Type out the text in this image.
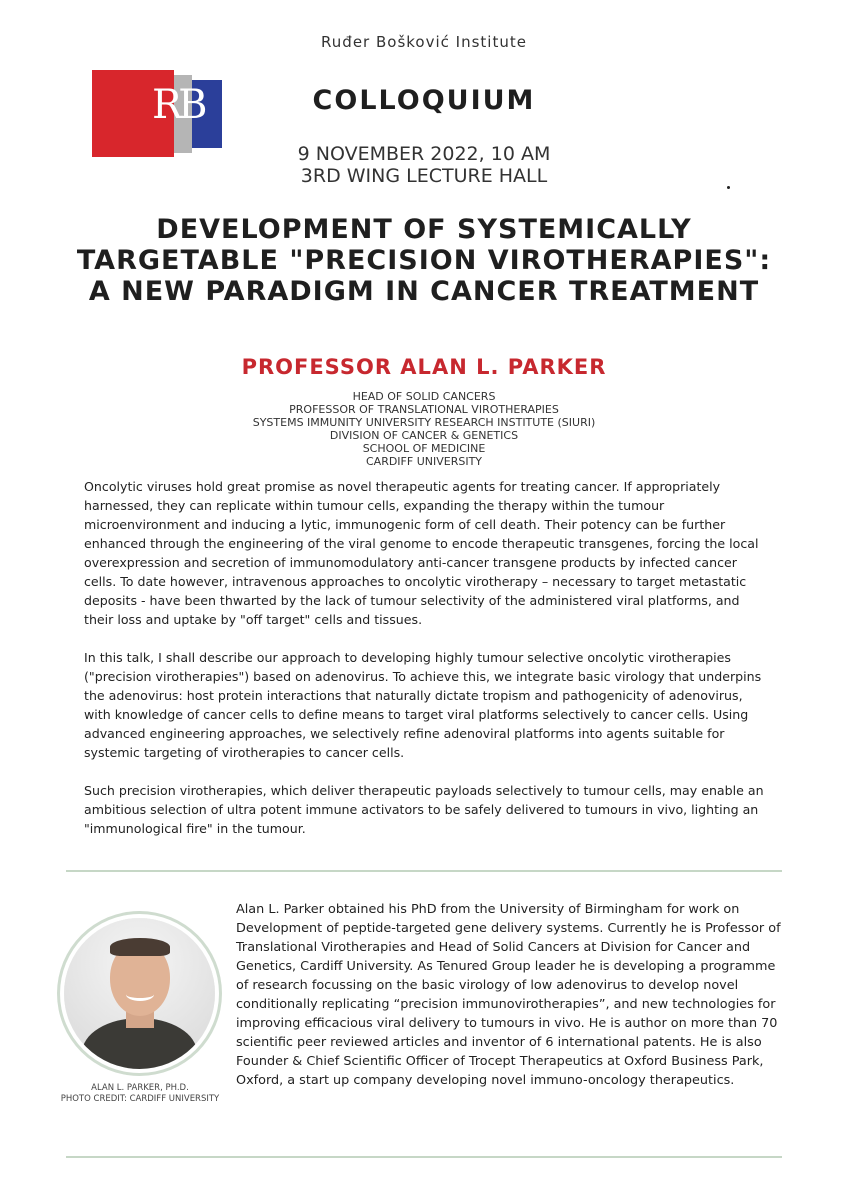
Ruđer Bošković Institute
RB	COLLOQUIUM
9 NOVEMBER 2022, 10 AM
3RD WING LECTURE HALL
DEVELOPMENT OF SYSTEMICALLY
TARGETABLE "PRECISION VIROTHERAPIES":
A NEW PARADIGM IN CANCER TREATMENT
PROFESSOR ALAN L. PARKER
HEAD OF SOLID CANCERS
PROFESSOR OF TRANSLATIONAL VIROTHERAPIES
SYSTEMS IMMUNITY UNIVERSITY RESEARCH INSTITUTE (SIURI)
DIVISION OF CANCER & GENETICS
SCHOOL OF MEDICINE
CARDIFF UNIVERSITY

Oncolytic viruses hold great promise as novel therapeutic agents for treating cancer. If appropriately harnessed, they can replicate within tumour cells, expanding the therapy within the tumour microenvironment and inducing a lytic, immunogenic form of cell death. Their potency can be further enhanced through the engineering of the viral genome to encode therapeutic transgenes, forcing the local overexpression and secretion of immunomodulatory anti-cancer transgene products by infected cancer cells. To date however, intravenous approaches to oncolytic virotherapy – necessary to target metastatic deposits - have been thwarted by the lack of tumour selectivity of the administered viral platforms, and their loss and uptake by "off target" cells and tissues.

In this talk, I shall describe our approach to developing highly tumour selective oncolytic virotherapies ("precision virotherapies") based on adenovirus. To achieve this, we integrate basic virology that underpins the adenovirus: host protein interactions that naturally dictate tropism and pathogenicity of adenovirus, with knowledge of cancer cells to define means to target viral platforms selectively to cancer cells. Using advanced engineering approaches, we selectively refine adenoviral platforms into agents suitable for systemic targeting of virotherapies to cancer cells.

Such precision virotherapies, which deliver therapeutic payloads selectively to tumour cells, may enable an ambitious selection of ultra potent immune activators to be safely delivered to tumours in vivo, lighting an "immunological fire" in the tumour.

ALAN L. PARKER, PH.D.
PHOTO CREDIT: CARDIFF UNIVERSITY
Alan L. Parker obtained his PhD from the University of Birmingham for work on Development of peptide-targeted gene delivery systems. Currently he is Professor of Translational Virotherapies and Head of Solid Cancers at Division for Cancer and Genetics, Cardiff University. As Tenured Group leader he is developing a programme of research focussing on the basic virology of low adenovirus to develop novel conditionally replicating “precision immunovirotherapies”, and new technologies for improving efficacious viral delivery to tumours in vivo. He is author on more than 70 scientific peer reviewed articles and inventor of 6 international patents. He is also Founder & Chief Scientific Officer of Trocept Therapeutics at Oxford Business Park, Oxford, a start up company developing novel immuno-oncology therapeutics.
